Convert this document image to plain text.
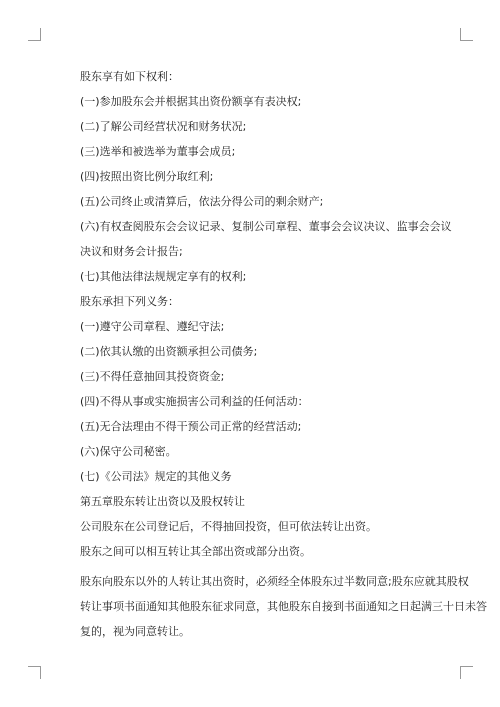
股东享有如下权利：
(一)参加股东会并根据其出资份额享有表决权;
(二)了解公司经营状况和财务状况;
(三)选举和被选举为董事会成员;
(四)按照出资比例分取红利;
(五)公司终止或清算后，依法分得公司的剩余财产;
(六)有权查阅股东会会议记录、复制公司章程、董事会会议决议、监事会会议
决议和财务会计报告;
(七)其他法律法规规定享有的权利;
股东承担下列义务：
(一)遵守公司章程、遵纪守法;
(二)依其认缴的出资额承担公司债务;
(三)不得任意抽回其投资资金;
(四)不得从事或实施损害公司利益的任何活动：
(五)无合法理由不得干预公司正常的经营活动;
(六)保守公司秘密。
(七)《公司法》规定的其他义务
第五章股东转让出资以及股权转让
公司股东在公司登记后，不得抽回投资，但可依法转让出资。
股东之间可以相互转让其全部出资或部分出资。
股东向股东以外的人转让其出资时，必须经全体股东过半数同意;股东应就其股权
转让事项书面通知其他股东征求同意，其他股东自接到书面通知之日起满三十日未答
复的，视为同意转让。
